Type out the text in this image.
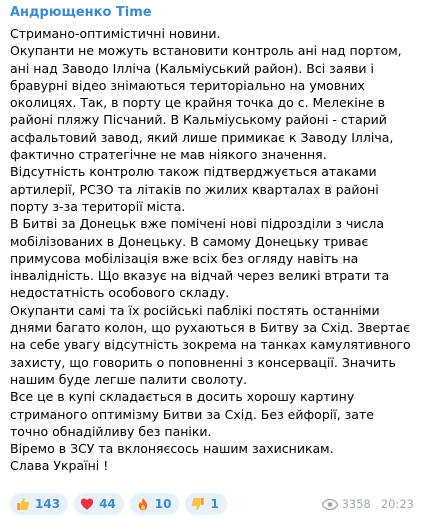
Андрющенко Time

Стримано-оптимістичні новини.

Окупанти не можуть встановити контроль ані над портом, ані над Заводо Ілліча (Кальміуський район). Всі заяви і бравурні відео знімаються територіально на умовних околицях. Так, в порту це крайня точка до с. Мелекіне в районі пляжу Пісчаний. В Кальміуському районі - старий асфальтовий завод, який лише примикає к Заводу Ілліча, фактично стратегічне не мав ніякого значення.

Відсутність контролю також підтверджується атаками артилерії, РСЗО та літаків по жилих кварталах в районі порту з-за території міста.

В Битві за Донецьк вже помічені нові підрозділи з числа мобілізованих в Донецьку. В самому Донецьку триває примусова мобілізація вже всіх без огляду навіть на інвалідність. Що вказує на відчай через великі втрати та недостатність особового складу.

Окупанти самі та їх російські паблікі постять останніми днями багато колон, що рухаються в Битву за Схід. Звертає на себе увагу відсутність зокрема на танках камулятивного захисту, що говорить о поповненні з консервації. Значить нашим буде легше палити сволоту.

Все це в купі складається в досить хорошу картину стриманого оптимізму Битви за Схід. Без ейфорії, зате точно обнадійливу без паніки.

Віремо в ЗСУ та вклоняєсось нашим захисникам.

Слава Україні !

143	44	10	1	3358 20:23
